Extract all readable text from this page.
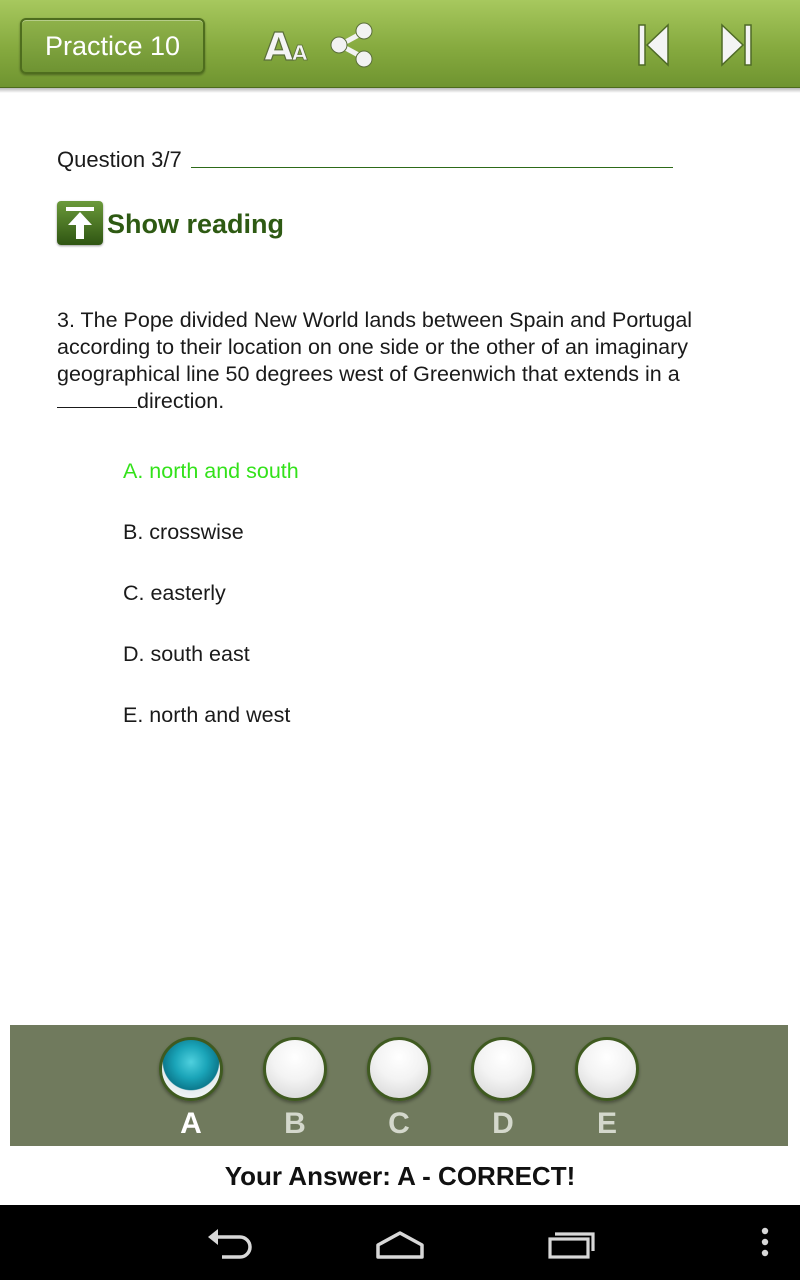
Practice 10	A
A
Question 3/7
Show reading
3. The Pope divided New World lands between Spain and Portugal according to their location on one side or the other of an imaginary geographical line 50 degrees west of Greenwich that extends in a direction.
A. north and south
B. crosswise
C. easterly
D. south east
E. north and west
A	B	C	D	E
Your Answer: A - CORRECT!
